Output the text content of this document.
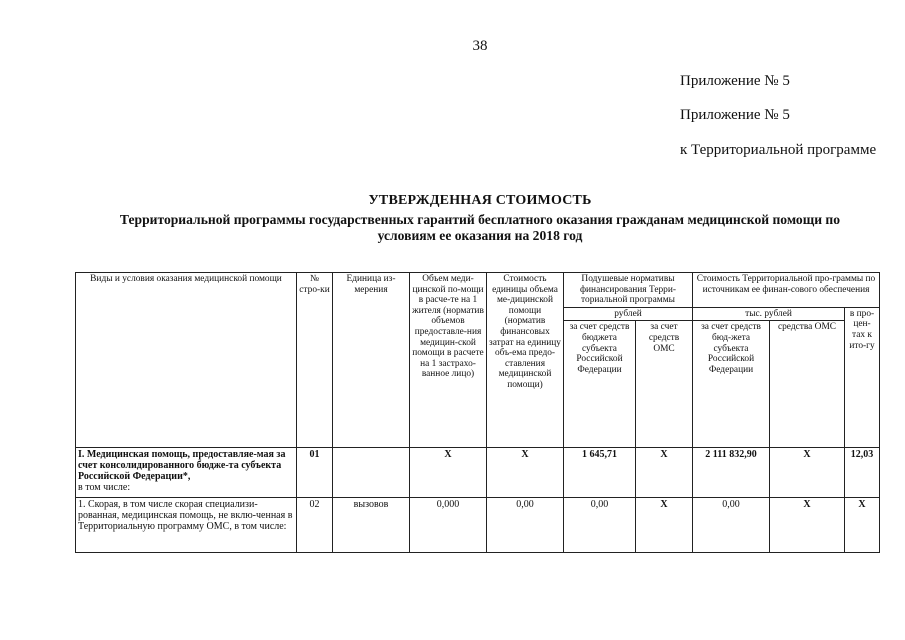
38
Приложение № 5
Приложение № 5
к Территориальной программе
УТВЕРЖДЕННАЯ СТОИМОСТЬ
Территориальной программы государственных гарантий бесплатного оказания гражданам медицинской помощи по
условиям ее оказания на 2018 год
Виды и условия оказания медицинской помощи	№ стро-ки	Единица из-мерения	Объем меди-цинской по-мощи в расче-те на 1 жителя (норматив объемов предоставле-ния медицин-ской помощи в расчете на 1 застрахо-ванное лицо)	Стоимость единицы объема ме-дицинской помощи (норматив финансовых затрат на единицу объ-ема предо-ставления медицинской помощи)	Подушевые нормативы финансирования Терри-ториальной программы		Стоимость Территориальной про-граммы по источникам ее финан-сового обеспечения		
					рублей		тыс. рублей		в про-цен-тах к ито-гу
					за счет средств бюджета субъекта Российской Федерации	за счет средств ОМС	за счет средств бюд-жета субъекта Российской Федерации	средства ОМС	
I. Медицинская помощь, предоставляе-мая за счет консолидированного бюдже-та субъекта Российской Федерации*,
в том числе:	01		X	X	1 645,71	X	2 111 832,90	X	12,03
1. Скорая, в том числе скорая специализи-рованная, медицинская помощь, не вклю-ченная в Территориальную программу ОМС, в том числе:	02	вызовов	0,000	0,00	0,00	X	0,00	X	X
